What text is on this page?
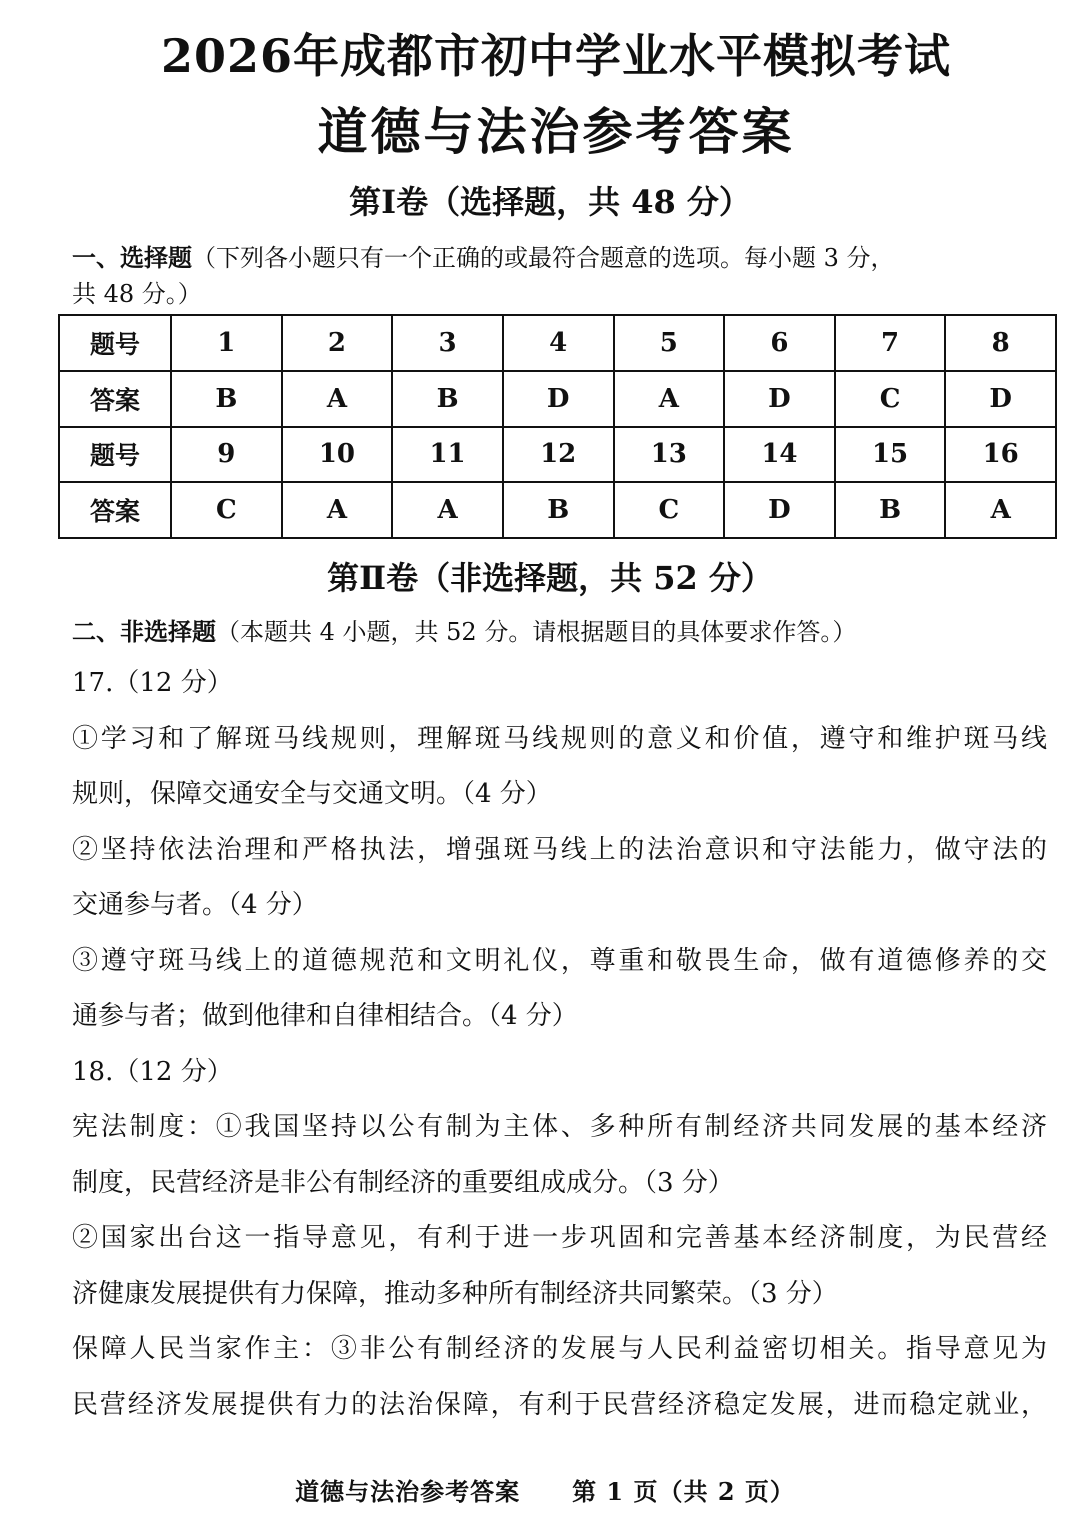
2026年成都市初中学业水平模拟考试
道德与法治参考答案
第Ⅰ卷（选择题，共 48 分）
一、选择题（下列各小题只有一个正确的或最符合题意的选项。每小题 3 分，
共 48 分。）
题号	1	2	3	4	5	6	7	8
答案	B	A	B	D	A	D	C	D
题号	9	10	11	12	13	14	15	16
答案	C	A	A	B	C	D	B	A
第Ⅱ卷（非选择题，共 52 分）
二、非选择题（本题共 4 小题，共 52 分。请根据题目的具体要求作答。）
17.（12 分）
①学习和了解斑马线规则，理解斑马线规则的意义和价值，遵守和维护斑马线
规则，保障交通安全与交通文明。（4 分）
②坚持依法治理和严格执法，增强斑马线上的法治意识和守法能力，做守法的
交通参与者。（4 分）
③遵守斑马线上的道德规范和文明礼仪，尊重和敬畏生命，做有道德修养的交
通参与者；做到他律和自律相结合。（4 分）
18.（12 分）
宪法制度：①我国坚持以公有制为主体、多种所有制经济共同发展的基本经济
制度，民营经济是非公有制经济的重要组成成分。（3 分）
②国家出台这一指导意见，有利于进一步巩固和完善基本经济制度，为民营经
济健康发展提供有力保障，推动多种所有制经济共同繁荣。（3 分）
保障人民当家作主：③非公有制经济的发展与人民利益密切相关。指导意见为
民营经济发展提供有力的法治保障，有利于民营经济稳定发展，进而稳定就业，
道德与法治参考答案 第 1 页（共 2 页）
